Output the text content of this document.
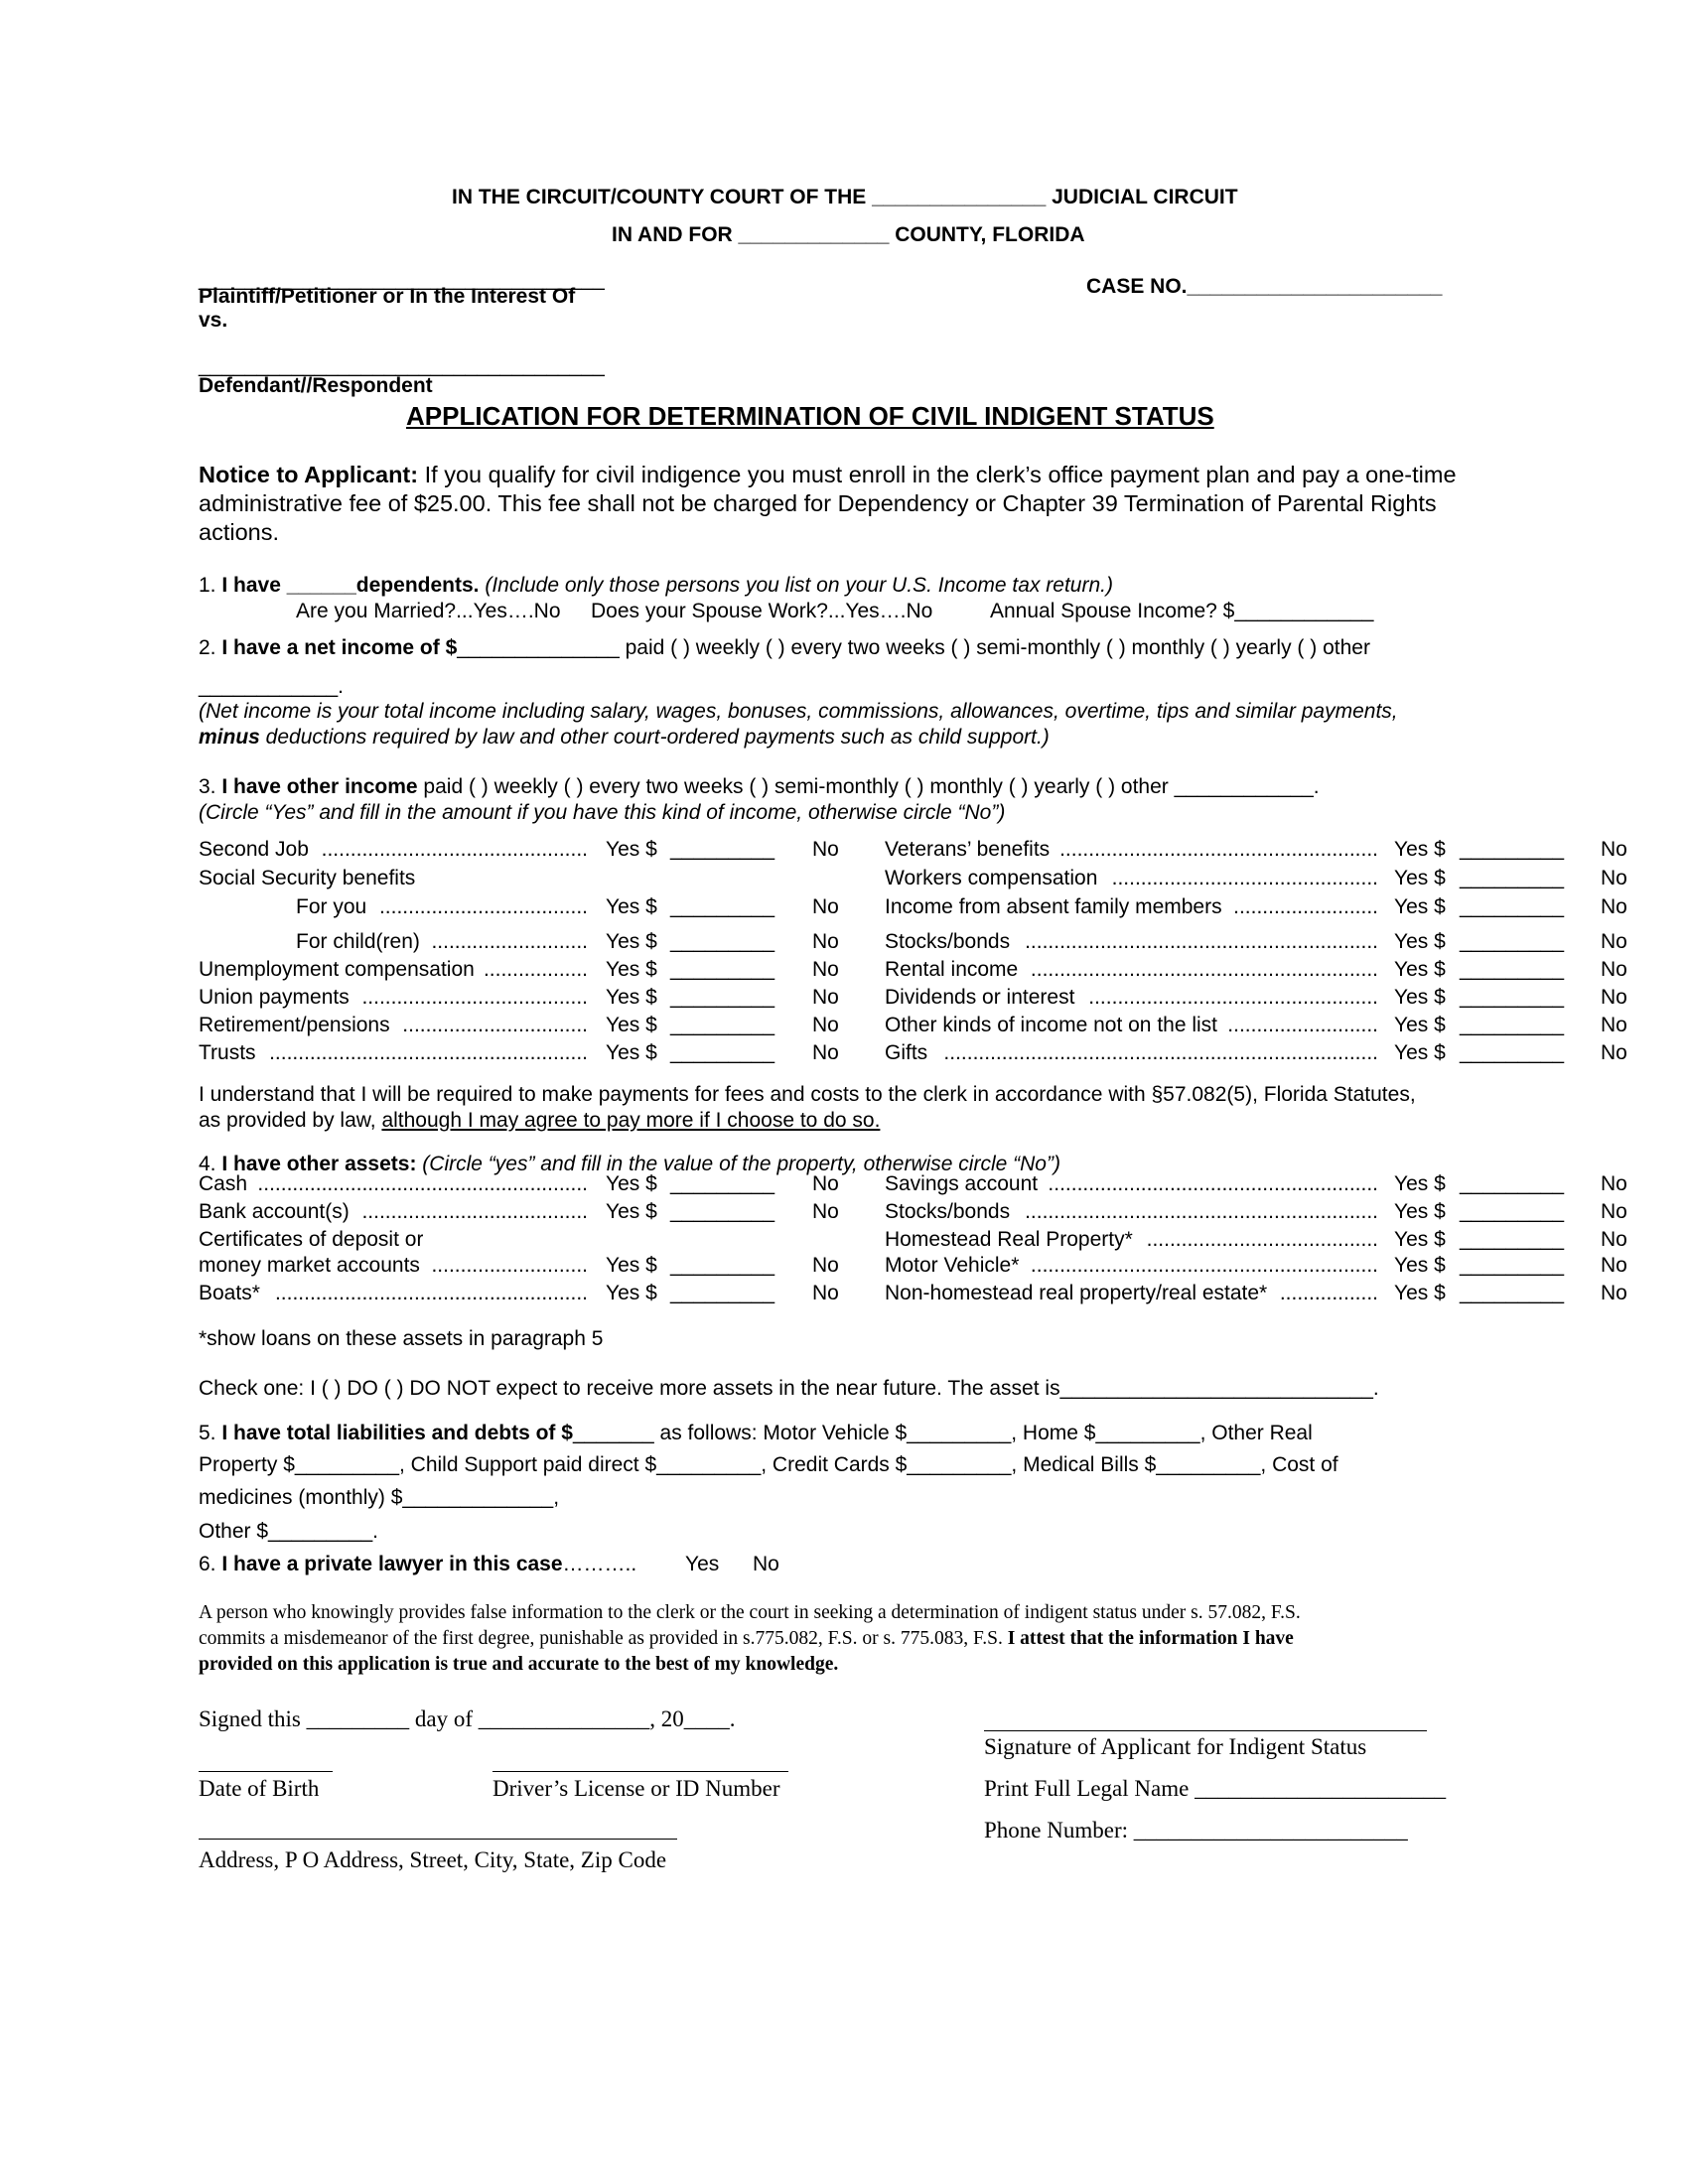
IN THE CIRCUIT/COUNTY COURT OF THE _______________ JUDICIAL CIRCUIT
IN AND FOR _____________ COUNTY, FLORIDA
___________________________________
Plaintiff/Petitioner or In the Interest Of
vs.
CASE NO.______________________
___________________________________
Defendant//Respondent
APPLICATION FOR DETERMINATION OF CIVIL INDIGENT STATUS
Notice to Applicant: If you qualify for civil indigence you must enroll in the clerk’s office payment plan and pay a one-time administrative fee of $25.00. This fee shall not be charged for Dependency or Chapter 39 Termination of Parental Rights actions.
1. I have ______dependents. (Include only those persons you list on your U.S. Income tax return.)
Are you Married?...Yes….No Does your Spouse Work?...Yes….No	Annual Spouse Income? $____________
2. I have a net income of $______________ paid ( ) weekly ( ) every two weeks ( ) semi-monthly ( ) monthly ( ) yearly ( ) other
____________.
(Net income is your total income including salary, wages, bonuses, commissions, allowances, overtime, tips and similar payments,
minus deductions required by law and other court-ordered payments such as child support.)
3. I have other income paid ( ) weekly ( ) every two weeks ( ) semi-monthly ( ) monthly ( ) yearly ( ) other ____________.
(Circle “Yes” and fill in the amount if you have this kind of income, otherwise circle “No”)
Second Job .............................................. Yes $ _________ No
Social Security benefits
For you .................................... Yes $ _________ No
For child(ren) ........................... Yes $ _________ No
Unemployment compensation .................. Yes $ _________ No
Union payments ....................................... Yes $ _________ No
Retirement/pensions ................................ Yes $ _________ No
Trusts ....................................................... Yes $ _________ No
Veterans’ benefits ....................................................... Yes $ _________ No
Workers compensation .............................................. Yes $ _________ No
Income from absent family members ......................... Yes $ _________ No
Stocks/bonds ............................................................. Yes $ _________ No
Rental income ............................................................ Yes $ _________ No
Dividends or interest .................................................. Yes $ _________ No
Other kinds of income not on the list .......................... Yes $ _________ No
Gifts ........................................................................... Yes $ _________ No
I understand that I will be required to make payments for fees and costs to the clerk in accordance with §57.082(5), Florida Statutes,
as provided by law, although I may agree to pay more if I choose to do so.
4. I have other assets: (Circle “yes” and fill in the value of the property, otherwise circle “No”)
Cash ......................................................... Yes $ _________ No
Bank account(s) ....................................... Yes $ _________ No
Certificates of deposit or
money market accounts ........................... Yes $ _________ No
Boats* ...................................................... Yes $ _________ No
Savings account ......................................................... Yes $ _________ No
Stocks/bonds ............................................................. Yes $ _________ No
Homestead Real Property* ........................................ Yes $ _________ No
Motor Vehicle* ............................................................ Yes $ _________ No
Non-homestead real property/real estate* ................. Yes $ _________ No
*show loans on these assets in paragraph 5
Check one: I ( ) DO ( ) DO NOT expect to receive more assets in the near future. The asset is___________________________.
5. I have total liabilities and debts of $_______ as follows: Motor Vehicle $_________, Home $_________, Other Real
Property $_________, Child Support paid direct $_________, Credit Cards $_________, Medical Bills $_________, Cost of
medicines (monthly) $_____________,
Other $_________.
6. I have a private lawyer in this case……….. Yes No
A person who knowingly provides false information to the clerk or the court in seeking a determination of indigent status under s. 57.082, F.S.
commits a misdemeanor of the first degree, punishable as provided in s.775.082, F.S. or s. 775.083, F.S. I attest that the information I have
provided on this application is true and accurate to the best of my knowledge.
Signed this _________ day of _______________, 20____.
Signature of Applicant for Indigent Status
Date of Birth	Driver’s License or ID Number	Print Full Legal Name ______________________
Phone Number: ________________________
Address, P O Address, Street, City, State, Zip Code
